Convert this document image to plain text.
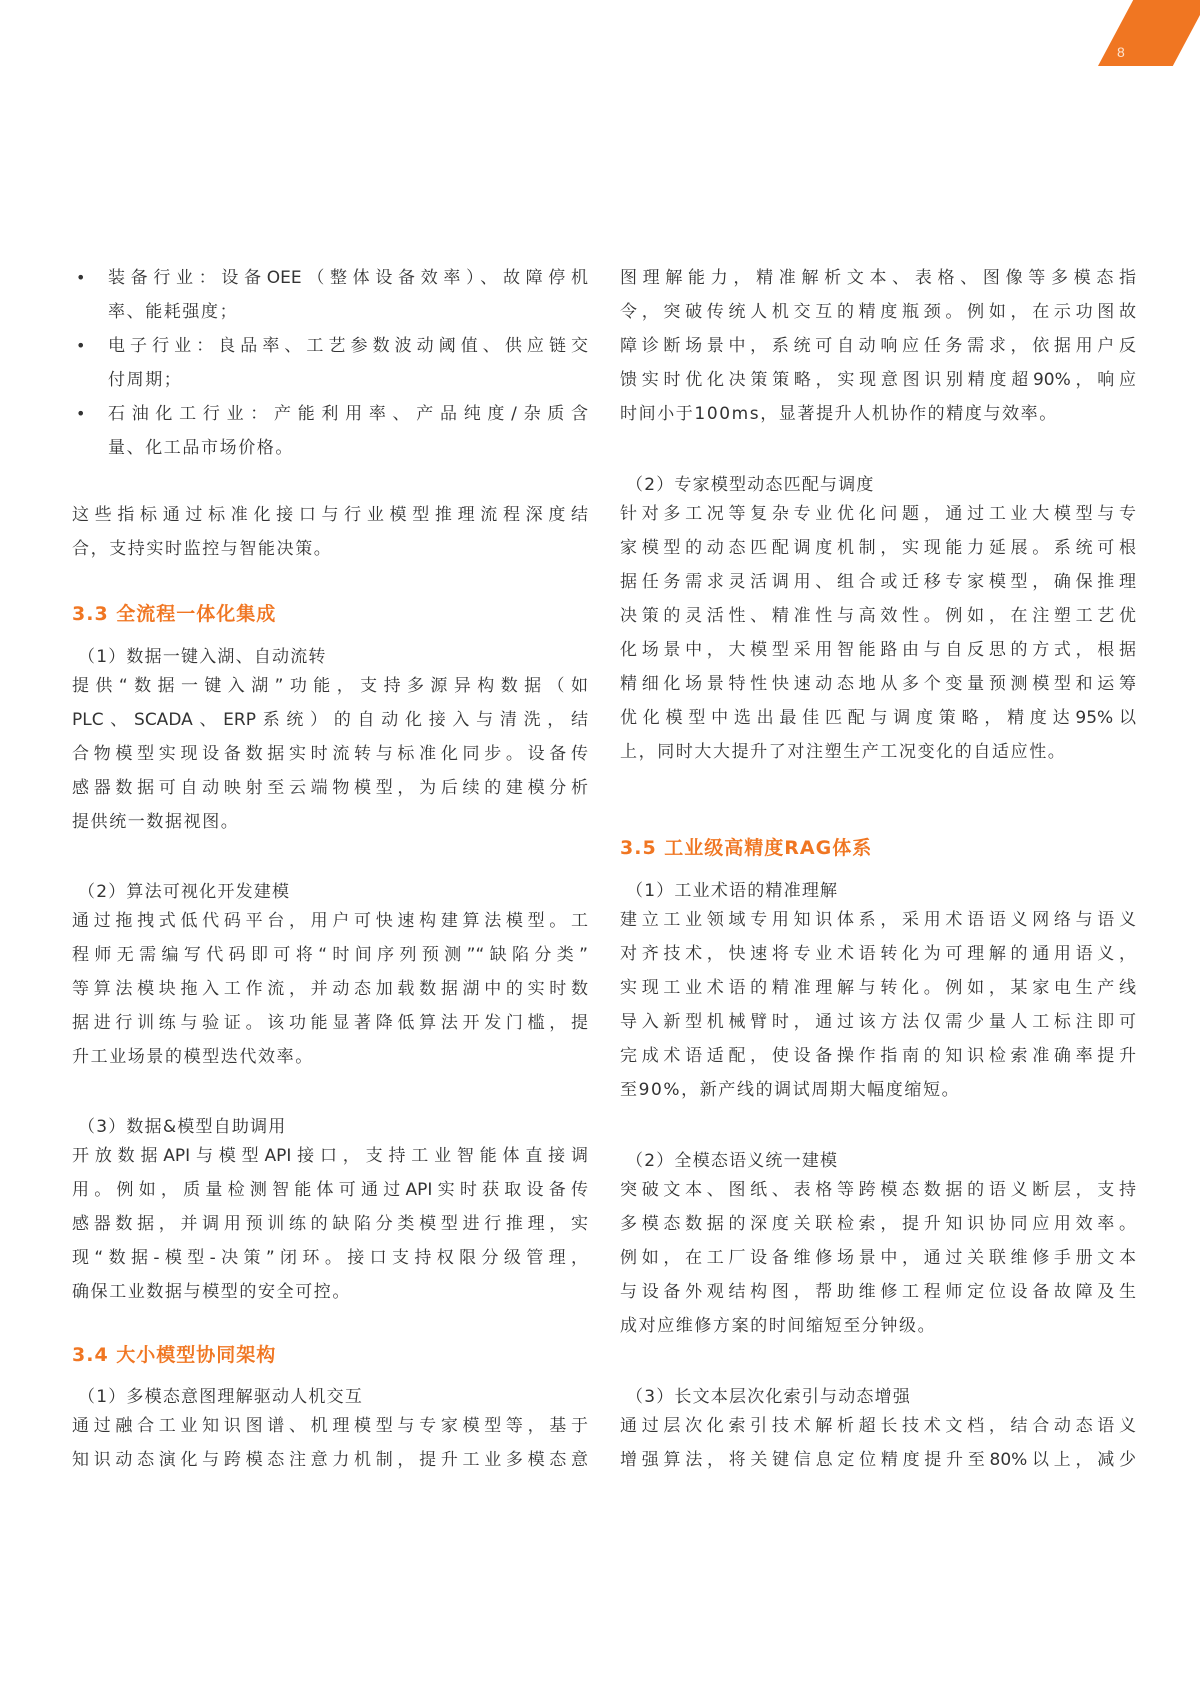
8
• 装备行业：设备OEE（整体设备效率）、故障停机
率、能耗强度；
• 电子行业：良品率、工艺参数波动阈值、供应链交
付周期；
• 石油化工行业：产能利用率、产品纯度/杂质含
量、化工品市场价格。
这些指标通过标准化接口与行业模型推理流程深度结
合，支持实时监控与智能决策。
3.3 全流程一体化集成
（1）数据一键入湖、自动流转
提供“数据一键入湖”功能，支持多源异构数据（如
PLC、SCADA、ERP系统）的自动化接入与清洗，结
合物模型实现设备数据实时流转与标准化同步。设备传
感器数据可自动映射至云端物模型，为后续的建模分析
提供统一数据视图。
（2）算法可视化开发建模
通过拖拽式低代码平台，用户可快速构建算法模型。工
程师无需编写代码即可将“时间序列预测”“缺陷分类”
等算法模块拖入工作流，并动态加载数据湖中的实时数
据进行训练与验证。该功能显著降低算法开发门槛，提
升工业场景的模型迭代效率。
（3）数据&模型自助调用
开放数据API与模型API接口，支持工业智能体直接调
用。例如，质量检测智能体可通过API实时获取设备传
感器数据，并调用预训练的缺陷分类模型进行推理，实
现“数据-模型-决策”闭环。接口支持权限分级管理，
确保工业数据与模型的安全可控。
3.4 大小模型协同架构
（1）多模态意图理解驱动人机交互
通过融合工业知识图谱、机理模型与专家模型等，基于
知识动态演化与跨模态注意力机制，提升工业多模态意
图理解能力，精准解析文本、表格、图像等多模态指
令，突破传统人机交互的精度瓶颈。例如，在示功图故
障诊断场景中，系统可自动响应任务需求，依据用户反
馈实时优化决策策略，实现意图识别精度超90%，响应
时间小于100ms，显著提升人机协作的精度与效率。
（2）专家模型动态匹配与调度
针对多工况等复杂专业优化问题，通过工业大模型与专
家模型的动态匹配调度机制，实现能力延展。系统可根
据任务需求灵活调用、组合或迁移专家模型，确保推理
决策的灵活性、精准性与高效性。例如，在注塑工艺优
化场景中，大模型采用智能路由与自反思的方式，根据
精细化场景特性快速动态地从多个变量预测模型和运筹
优化模型中选出最佳匹配与调度策略，精度达95%以
上，同时大大提升了对注塑生产工况变化的自适应性。
3.5 工业级高精度RAG体系
（1）工业术语的精准理解
建立工业领域专用知识体系，采用术语语义网络与语义
对齐技术，快速将专业术语转化为可理解的通用语义，
实现工业术语的精准理解与转化。例如，某家电生产线
导入新型机械臂时，通过该方法仅需少量人工标注即可
完成术语适配，使设备操作指南的知识检索准确率提升
至90%，新产线的调试周期大幅度缩短。
（2）全模态语义统一建模
突破文本、图纸、表格等跨模态数据的语义断层，支持
多模态数据的深度关联检索，提升知识协同应用效率。
例如，在工厂设备维修场景中，通过关联维修手册文本
与设备外观结构图，帮助维修工程师定位设备故障及生
成对应维修方案的时间缩短至分钟级。
（3）长文本层次化索引与动态增强
通过层次化索引技术解析超长技术文档，结合动态语义
增强算法，将关键信息定位精度提升至80%以上，减少
